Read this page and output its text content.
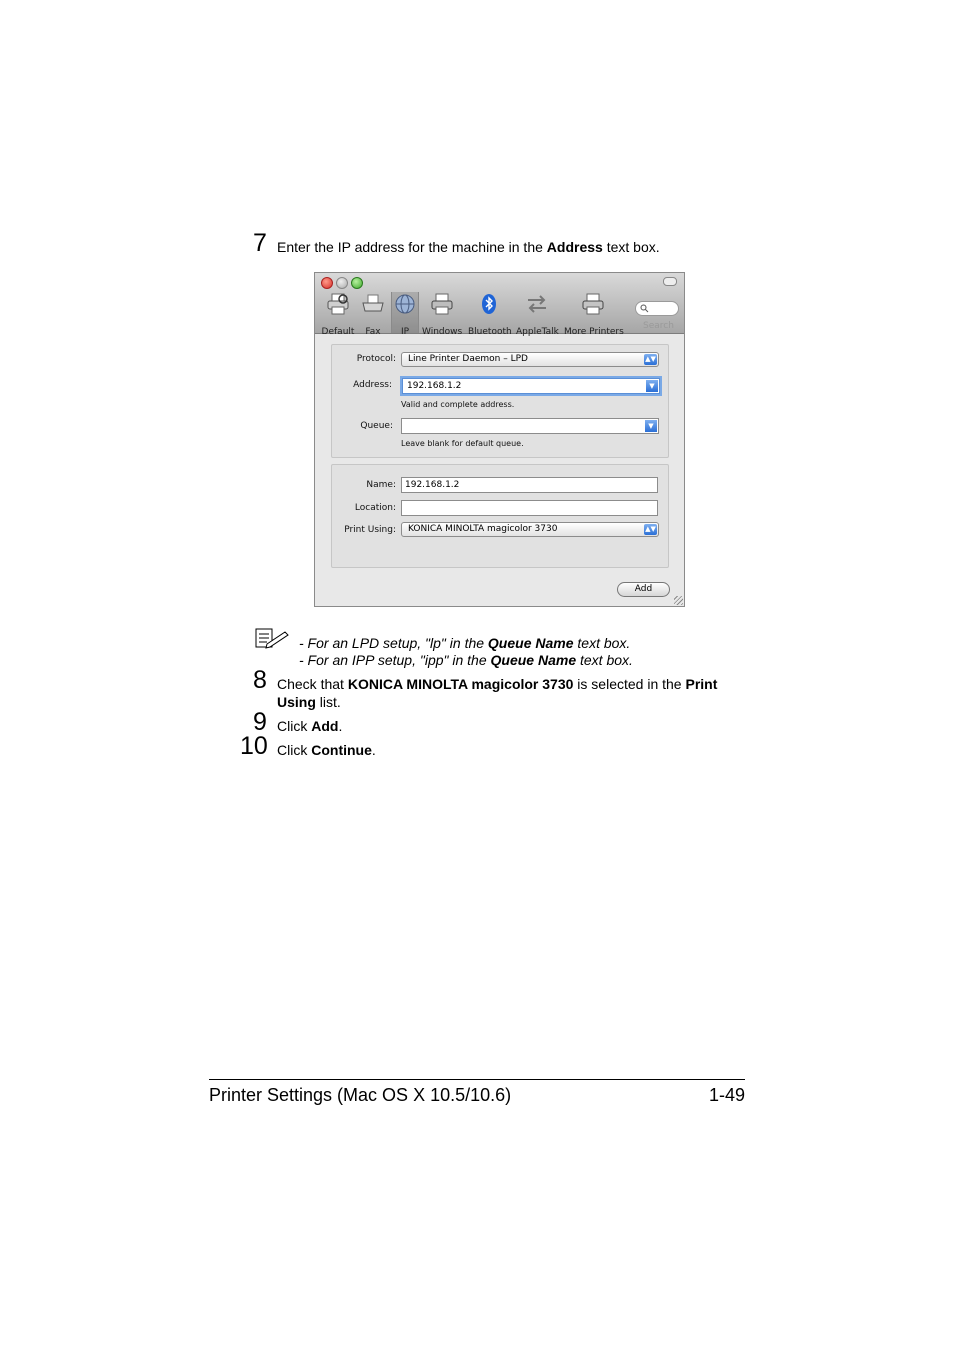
7 Enter the IP address for the machine in the Address text box.
Default	Fax	IP	Windows Bluetooth AppleTalk More Printers
Search
Protocol:	Line Printer Daemon – LPD	▲▼
Address:	192.168.1.2	▼
Valid and complete address.
Queue:	▼
Leave blank for default queue.
Name:	192.168.1.2
Location:
Print Using:	KONICA MINOLTA magicolor 3730	▲▼
Add
- For an LPD setup, "lp" in the Queue Name text box.
- For an IPP setup, "ipp" in the Queue Name text box.
8 Check that KONICA MINOLTA magicolor 3730 is selected in the Print
Using list.
9 Click Add.
10 Click Continue.
Printer Settings (Mac OS X 10.5/10.6)	1-49
